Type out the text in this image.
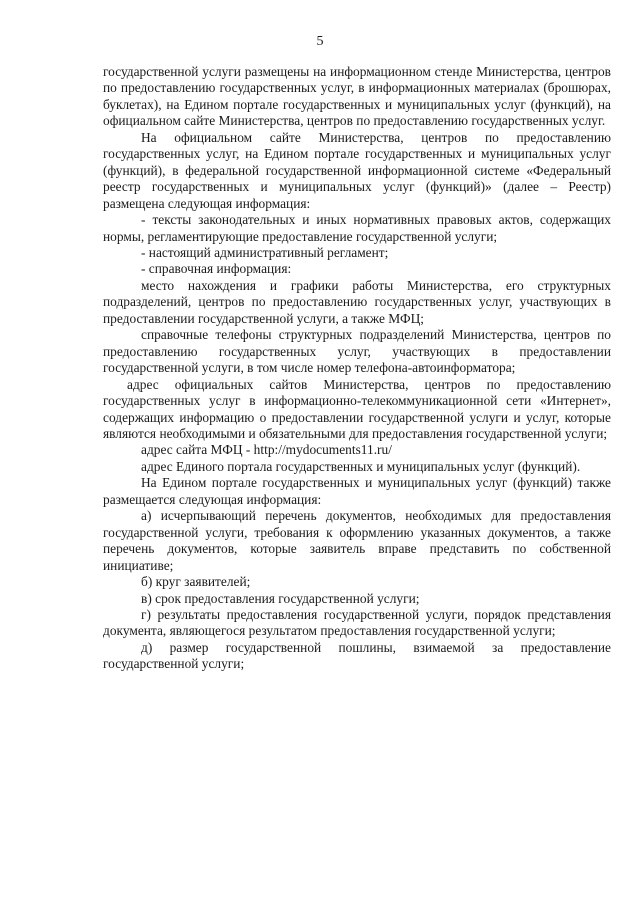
5

государственной услуги размещены на информационном стенде Министерства, центров по предоставлению государственных услуг, в информационных материалах (брошюрах, буклетах), на Едином портале государственных и муниципальных услуг (функций), на официальном сайте Министерства, центров по предоставлению государственных услуг.

На официальном сайте Министерства, центров по предоставлению государственных услуг, на Едином портале государственных и муниципальных услуг (функций), в федеральной государственной информационной системе «Федеральный реестр государственных и муниципальных услуг (функций)» (далее – Реестр) размещена следующая информация:

- тексты законодательных и иных нормативных правовых актов, содержащих нормы, регламентирующие предоставление государственной услуги;

- настоящий административный регламент;

- справочная информация:

место нахождения и графики работы Министерства, его структурных подразделений, центров по предоставлению государственных услуг, участвующих в предоставлении государственной услуги, а также МФЦ;

справочные телефоны структурных подразделений Министерства, центров по предоставлению государственных услуг, участвующих в предоставлении государственной услуги, в том числе номер телефона-автоинформатора;

адрес официальных сайтов Министерства, центров по предоставлению государственных услуг в информационно-телекоммуникационной сети «Интернет», содержащих информацию о предоставлении государственной услуги и услуг, которые являются необходимыми и обязательными для предоставления государственной услуги;

адрес сайта МФЦ - http://mydocuments11.ru/

адрес Единого портала государственных и муниципальных услуг (функций).

На Едином портале государственных и муниципальных услуг (функций) также размещается следующая информация:

а) исчерпывающий перечень документов, необходимых для предоставления государственной услуги, требования к оформлению указанных документов, а также перечень документов, которые заявитель вправе представить по собственной инициативе;

б) круг заявителей;

в) срок предоставления государственной услуги;

г) результаты предоставления государственной услуги, порядок представления документа, являющегося результатом предоставления государственной услуги;

д) размер государственной пошлины, взимаемой за предоставление государственной услуги;
